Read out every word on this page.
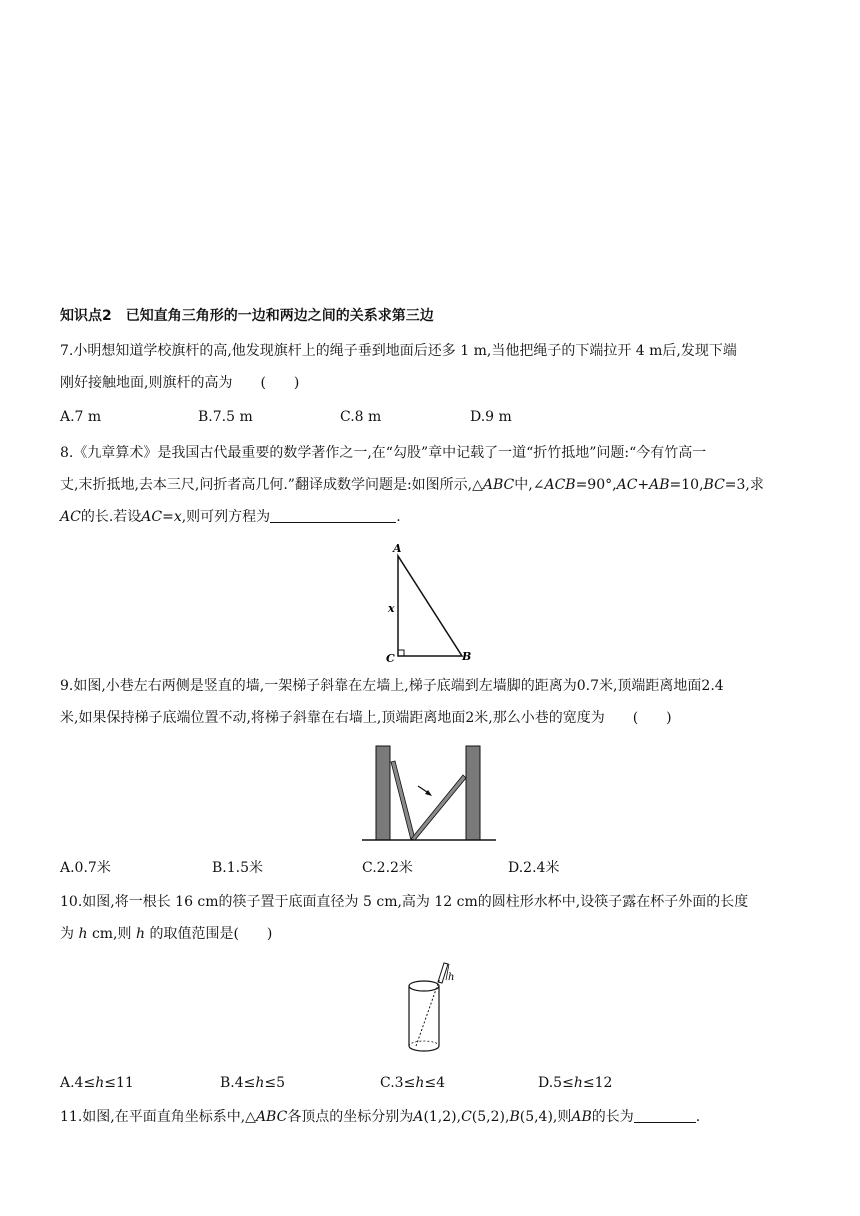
知识点2　已知直角三角形的一边和两边之间的关系求第三边
7.小明想知道学校旗杆的高,他发现旗杆上的绳子垂到地面后还多 1 m,当他把绳子的下端拉开 4 m后,发现下端
刚好接触地面,则旗杆的高为　　(　　)
A.7 m	B.7.5 m	C.8 m	D.9 m
8.《九章算术》是我国古代最重要的数学著作之一,在“勾股”章中记载了一道“折竹抵地”问题:“今有竹高一
丈,末折抵地,去本三尺,问折者高几何.”翻译成数学问题是:如图所示,△ABC中,∠ACB=90°,AC+AB=10,BC=3,求
AC的长.若设AC=x,则可列方程为	.
A
x
C	B
9.如图,小巷左右两侧是竖直的墙,一架梯子斜靠在左墙上,梯子底端到左墙脚的距离为0.7米,顶端距离地面2.4
米,如果保持梯子底端位置不动,将梯子斜靠在右墙上,顶端距离地面2米,那么小巷的宽度为　　(　　)
A.0.7米	B.1.5米	C.2.2米	D.2.4米
10.如图,将一根长 16 cm的筷子置于底面直径为 5 cm,高为 12 cm的圆柱形水杯中,设筷子露在杯子外面的长度
为 h cm,则 h 的取值范围是(　　)
h
A.4≤h≤11	B.4≤h≤5	C.3≤h≤4	D.5≤h≤12
11.如图,在平面直角坐标系中,△ABC各顶点的坐标分别为A(1,2),C(5,2),B(5,4),则AB的长为	.
